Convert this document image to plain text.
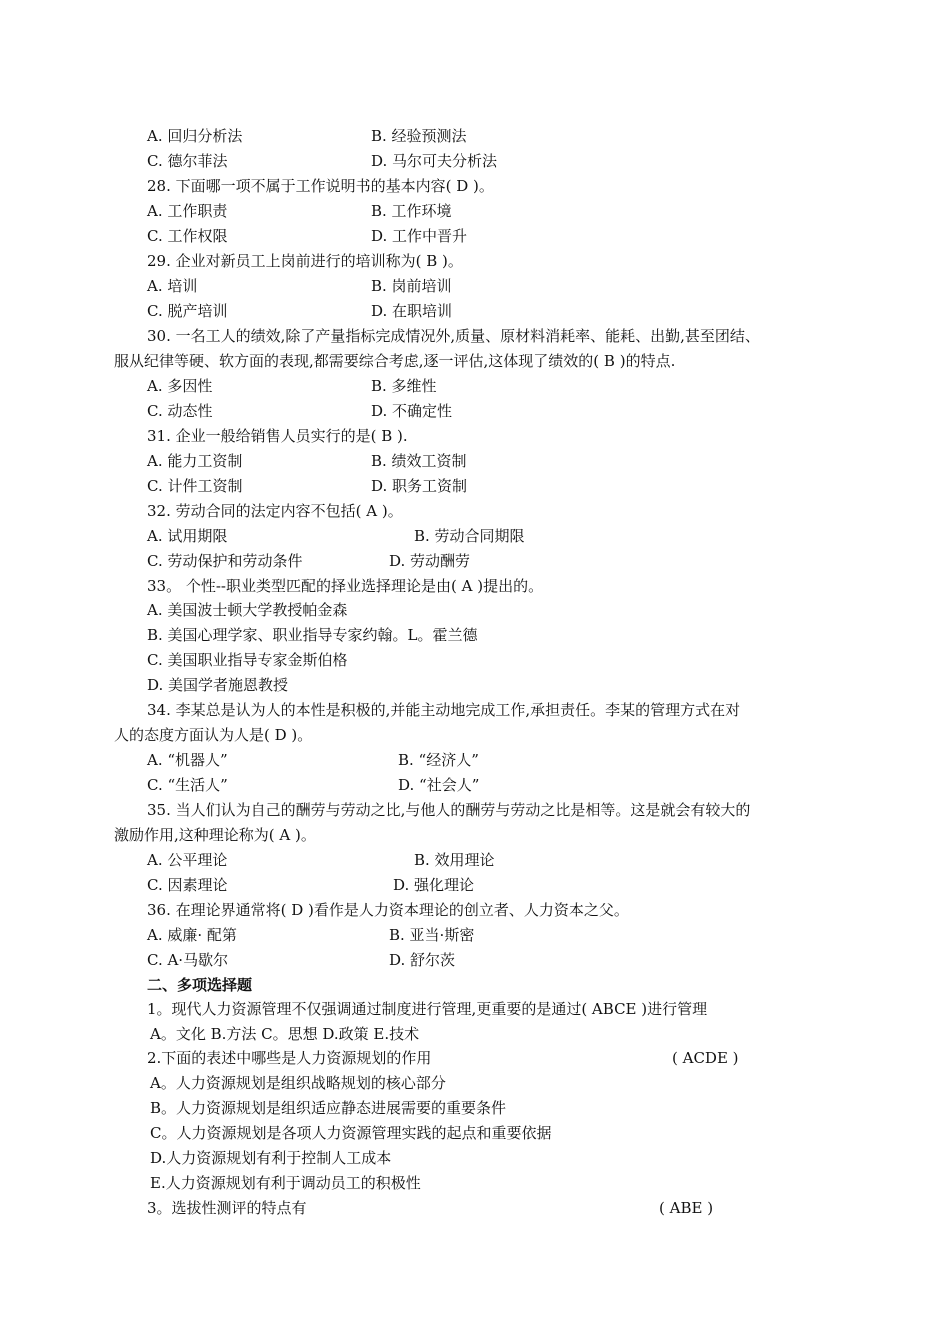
A. 回归分析法	B. 经验预测法
C. 德尔菲法	D. 马尔可夫分析法
28. 下面哪一项不属于工作说明书的基本内容( D )。
A. 工作职责	B. 工作环境
C. 工作权限	D. 工作中晋升
29. 企业对新员工上岗前进行的培训称为( B )。
A. 培训	B. 岗前培训
C. 脱产培训	D. 在职培训
30. 一名工人的绩效,除了产量指标完成情况外,质量、原材料消耗率、能耗、出勤,甚至团结、
服从纪律等硬、软方面的表现,都需要综合考虑,逐一评估,这体现了绩效的( B )的特点.
A. 多因性	B. 多维性
C. 动态性	D. 不确定性
31. 企业一般给销售人员实行的是( B ).
A. 能力工资制	B. 绩效工资制
C. 计件工资制	D. 职务工资制
32. 劳动合同的法定内容不包括( A )。
A. 试用期限	B. 劳动合同期限
C. 劳动保护和劳动条件	D. 劳动酬劳
33。 个性--职业类型匹配的择业选择理论是由( A )提出的。
A. 美国波士顿大学教授帕金森
B. 美国心理学家、职业指导专家约翰。L。霍兰德
C. 美国职业指导专家金斯伯格
D. 美国学者施恩教授
34. 李某总是认为人的本性是积极的,并能主动地完成工作,承担责任。李某的管理方式在对
人的态度方面认为人是( D )。
A. “机器人”	B. “经济人”
C. “生活人”	D. “社会人”
35. 当人们认为自己的酬劳与劳动之比,与他人的酬劳与劳动之比是相等。这是就会有较大的
激励作用,这种理论称为( A )。
A. 公平理论	B. 效用理论
C. 因素理论	D. 强化理论
36. 在理论界通常将( D )看作是人力资本理论的创立者、人力资本之父。
A. 威廉· 配第	B. 亚当·斯密
C. A·马歇尔	D. 舒尔茨
二、多项选择题
1。现代人力资源管理不仅强调通过制度进行管理,更重要的是通过( ABCE )进行管理
A。文化 B.方法 C。思想 D.政策 E.技术
2.下面的表述中哪些是人力资源规划的作用	( ACDE )
A。人力资源规划是组织战略规划的核心部分
B。人力资源规划是组织适应静态进展需要的重要条件
C。人力资源规划是各项人力资源管理实践的起点和重要依据
D.人力资源规划有利于控制人工成本
E.人力资源规划有利于调动员工的积极性
3。选拔性测评的特点有	( ABE )
